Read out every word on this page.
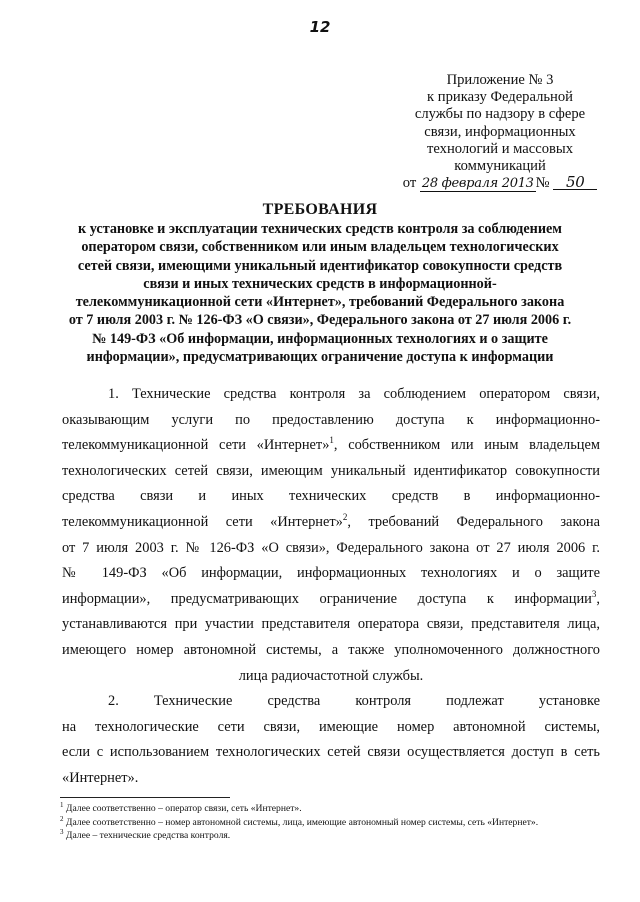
12
Приложение № 3
к приказу Федеральной
службы по надзору в сфере
связи, информационных
технологий и массовых
коммуникаций
от 28 февраля 2013 № 50
ТРЕБОВАНИЯ
к установке и эксплуатации технических средств контроля за соблюдением
оператором связи, собственником или иным владельцем технологических
сетей связи, имеющими уникальный идентификатор совокупности средств
связи и иных технических средств в информационной-
телекоммуникационной сети «Интернет», требований Федерального закона
от 7 июля 2003 г. № 126-ФЗ «О связи», Федерального закона от 27 июля 2006 г.
№ 149-ФЗ «Об информации, информационных технологиях и о защите
информации», предусматривающих ограничение доступа к информации

1. Технические средства контроля за соблюдением оператором связи,
оказывающим услуги по предоставлению доступа к информационно-
телекоммуникационной сети «Интернет»$^1$, собственником или иным владельцем
технологических сетей связи, имеющим уникальный идентификатор совокупности
средства связи и иных технических средств в информационно-
телекоммуникационной сети «Интернет»$^2$, требований Федерального закона
от 7 июля 2003 г. № 126-ФЗ «О связи», Федерального закона от 27 июля 2006 г.
№ 149-ФЗ «Об информации, информационных технологиях и о защите
информации», предусматривающих ограничение доступа к информации$^3$,
устанавливаются при участии представителя оператора связи, представителя лица,
имеющего номер автономной системы, а также уполномоченного должностного
лица радиочастотной службы.

2. Технические средства контроля подлежат установке
на технологические сети связи, имеющие номер автономной системы,
если с использованием технологических сетей связи осуществляется доступ в сеть
«Интернет».

$^1$ Далее соответственно – оператор связи, сеть «Интернет».
$^2$ Далее соответственно – номер автономной системы, лица, имеющие автономный номер системы, сеть «Интернет».
$^3$ Далее – технические средства контроля.
